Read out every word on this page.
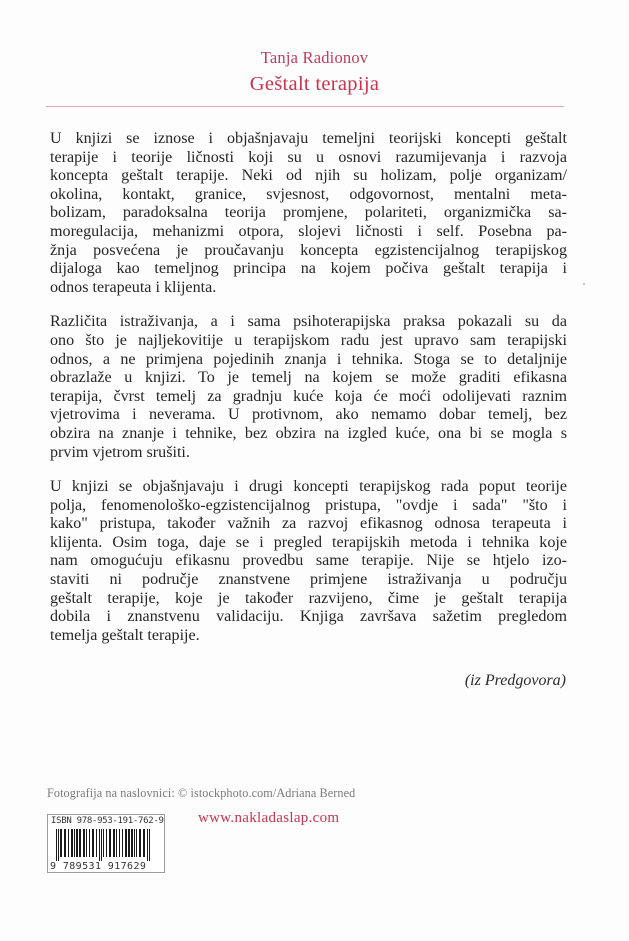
Tanja Radionov
Geštalt terapija
U knjizi se iznose i objašnjavaju temeljni teorijski koncepti geštalt
terapije i teorije ličnosti koji su u osnovi razumijevanja i razvoja
koncepta geštalt terapije. Neki od njih su holizam, polje organizam/
okolina, kontakt, granice, svjesnost, odgovornost, mentalni meta-
bolizam, paradoksalna teorija promjene, polariteti, organizmička sa-
moregulacija, mehanizmi otpora, slojevi ličnosti i self. Posebna pa-
žnja posvećena je proučavanju koncepta egzistencijalnog terapijskog
dijaloga kao temeljnog principa na kojem počiva geštalt terapija i
odnos terapeuta i klijenta.
Različita istraživanja, a i sama psihoterapijska praksa pokazali su da
ono što je najljekovitije u terapijskom radu jest upravo sam terapijski
odnos, a ne primjena pojedinih znanja i tehnika. Stoga se to detaljnije
obrazlaže u knjizi. To je temelj na kojem se može graditi efikasna
terapija, čvrst temelj za gradnju kuće koja će moći odolijevati raznim
vjetrovima i neverama. U protivnom, ako nemamo dobar temelj, bez
obzira na znanje i tehnike, bez obzira na izgled kuće, ona bi se mogla s
prvim vjetrom srušiti.
U knjizi se objašnjavaju i drugi koncepti terapijskog rada poput teorije
polja, fenomenološko-egzistencijalnog pristupa, "ovdje i sada" "što i
kako" pristupa, također važnih za razvoj efikasnog odnosa terapeuta i
klijenta. Osim toga, daje se i pregled terapijskih metoda i tehnika koje
nam omogućuju efikasnu provedbu same terapije. Nije se htjelo izo-
staviti ni područje znanstvene primjene istraživanja u području
geštalt terapije, koje je također razvijeno, čime je geštalt terapija
dobila i znanstvenu validaciju. Knjiga završava sažetim pregledom
temelja geštalt terapije.
(iz Predgovora)
Fotografija na naslovnici: © istockphoto.com/Adriana Berned
ISBN 978-953-191-762-9
9 789531 917629
www.nakladaslap.com
